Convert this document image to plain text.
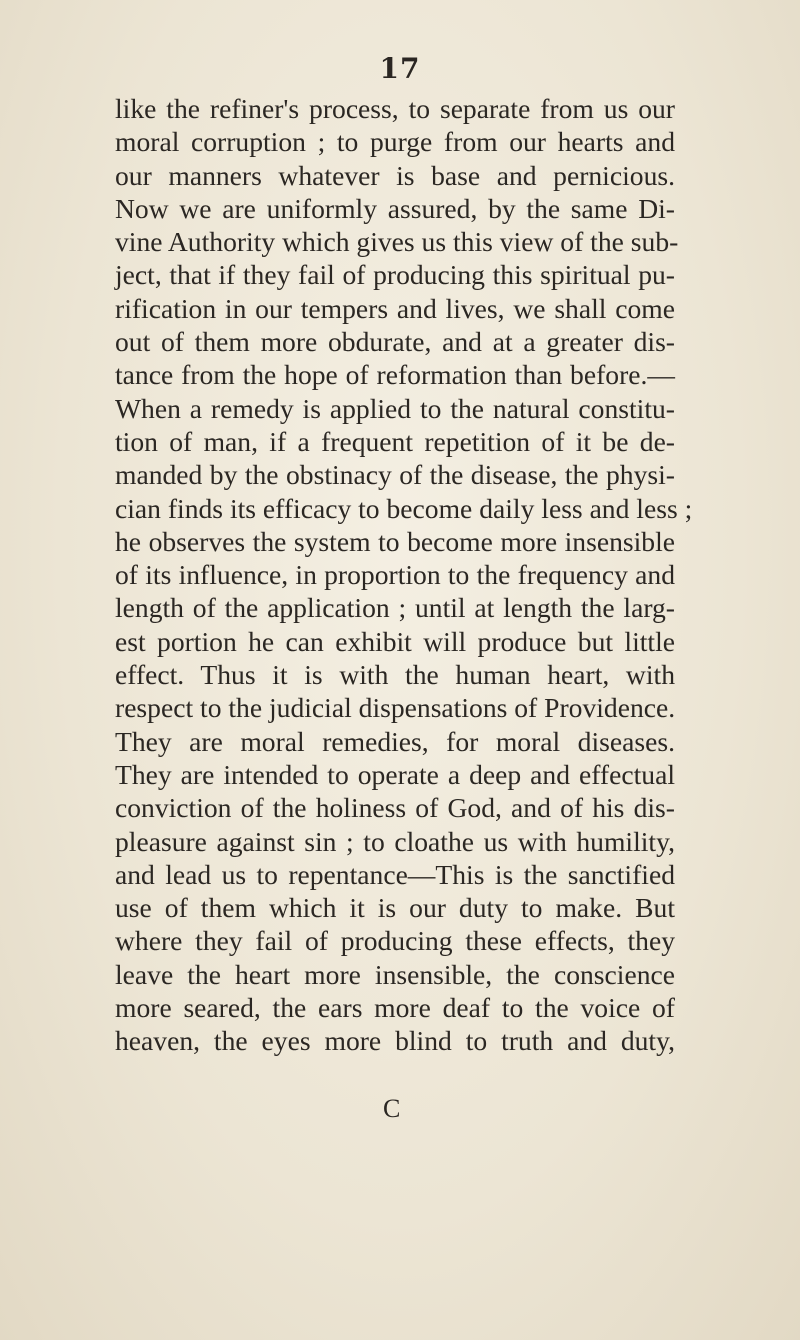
17
like the refiner's process, to separate from us our
moral corruption ; to purge from our hearts and
our manners whatever is base and pernicious.
Now we are uniformly assured, by the same Di-
vine Authority which gives us this view of the sub-
ject, that if they fail of producing this spiritual pu-
rification in our tempers and lives, we shall come
out of them more obdurate, and at a greater dis-
tance from the hope of reformation than before.—
When a remedy is applied to the natural constitu-
tion of man, if a frequent repetition of it be de-
manded by the obstinacy of the disease, the physi-
cian finds its efficacy to become daily less and less ;
he observes the system to become more insensible
of its influence, in proportion to the frequency and
length of the application ; until at length the larg-
est portion he can exhibit will produce but little
effect. Thus it is with the human heart, with
respect to the judicial dispensations of Providence.
They are moral remedies, for moral diseases.
They are intended to operate a deep and effectual
conviction of the holiness of God, and of his dis-
pleasure against sin ; to cloathe us with humility,
and lead us to repentance—This is the sanctified
use of them which it is our duty to make. But
where they fail of producing these effects, they
leave the heart more insensible, the conscience
more seared, the ears more deaf to the voice of
heaven, the eyes more blind to truth and duty,
C
